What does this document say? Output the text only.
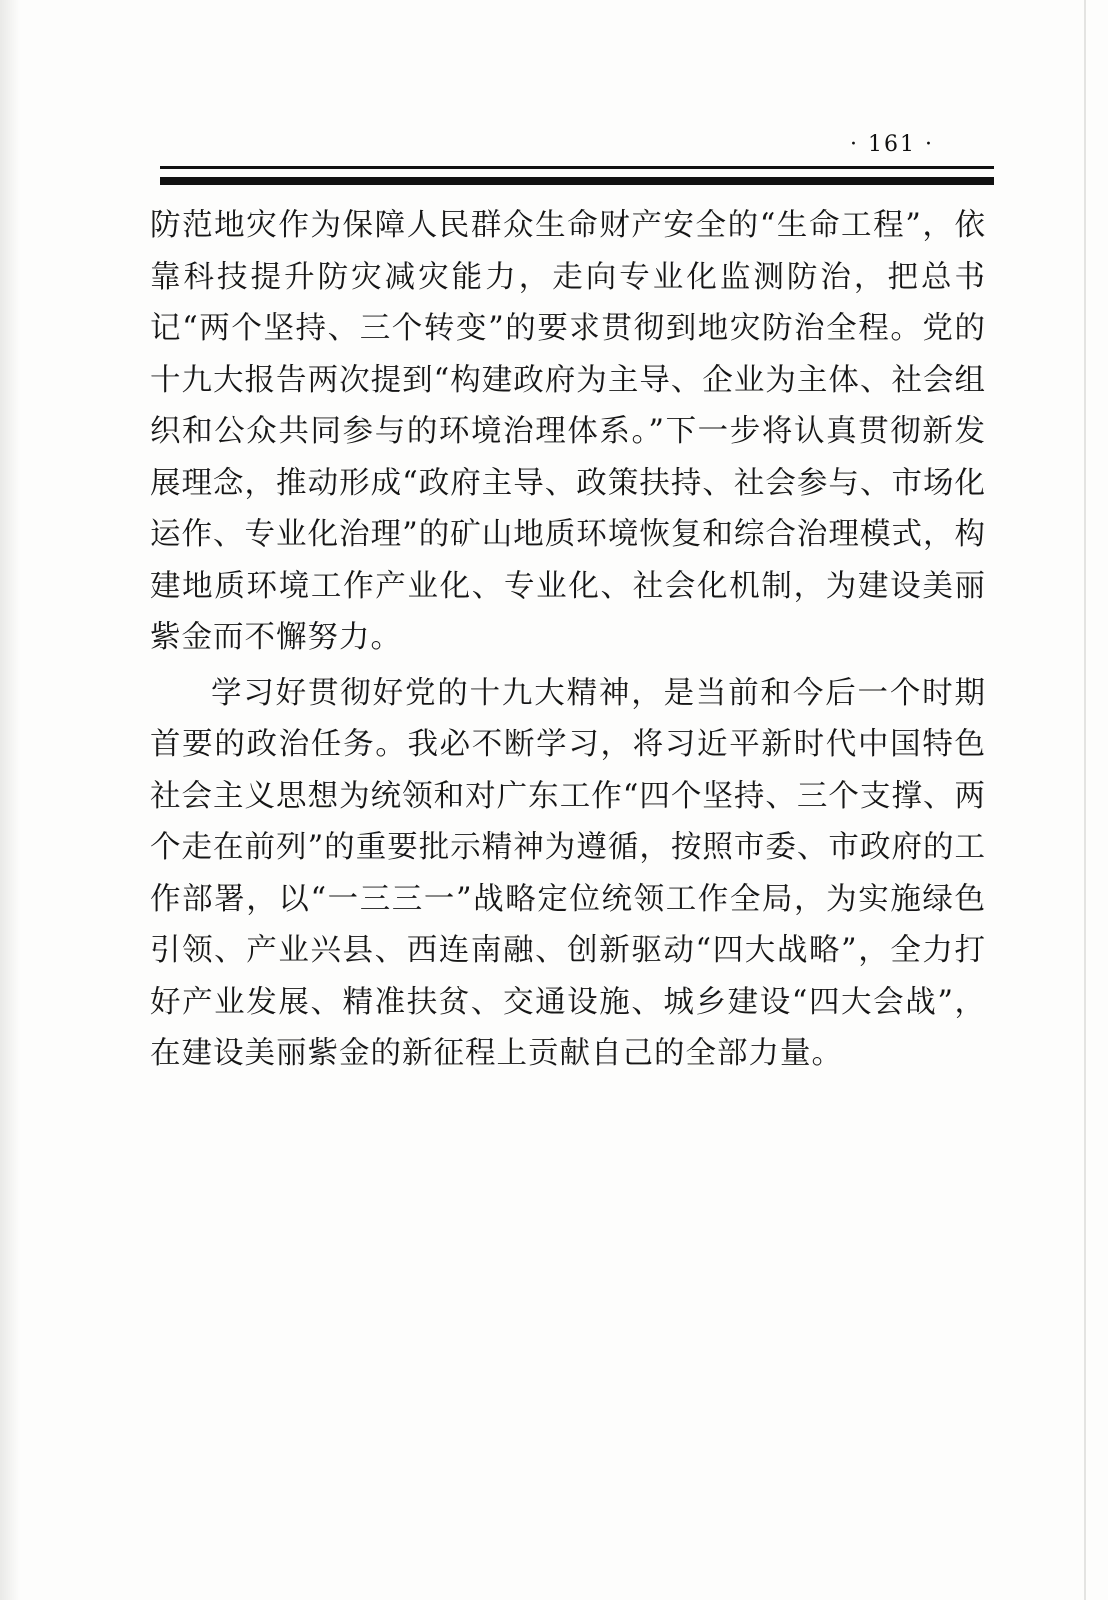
· 161 ·

防范地灾作为保障人民群众生命财产安全的“生命工程”，依靠科技提升防灾减灾能力，走向专业化监测防治，把总书记“两个坚持、三个转变”的要求贯彻到地灾防治全程。党的十九大报告两次提到“构建政府为主导、企业为主体、社会组织和公众共同参与的环境治理体系。”下一步将认真贯彻新发展理念，推动形成“政府主导、政策扶持、社会参与、市场化运作、专业化治理”的矿山地质环境恢复和综合治理模式，构建地质环境工作产业化、专业化、社会化机制，为建设美丽紫金而不懈努力。

学习好贯彻好党的十九大精神，是当前和今后一个时期首要的政治任务。我必不断学习，将习近平新时代中国特色社会主义思想为统领和对广东工作“四个坚持、三个支撑、两个走在前列”的重要批示精神为遵循，按照市委、市政府的工作部署，以“一三三一”战略定位统领工作全局，为实施绿色引领、产业兴县、西连南融、创新驱动“四大战略”，全力打好产业发展、精准扶贫、交通设施、城乡建设“四大会战”，在建设美丽紫金的新征程上贡献自己的全部力量。
